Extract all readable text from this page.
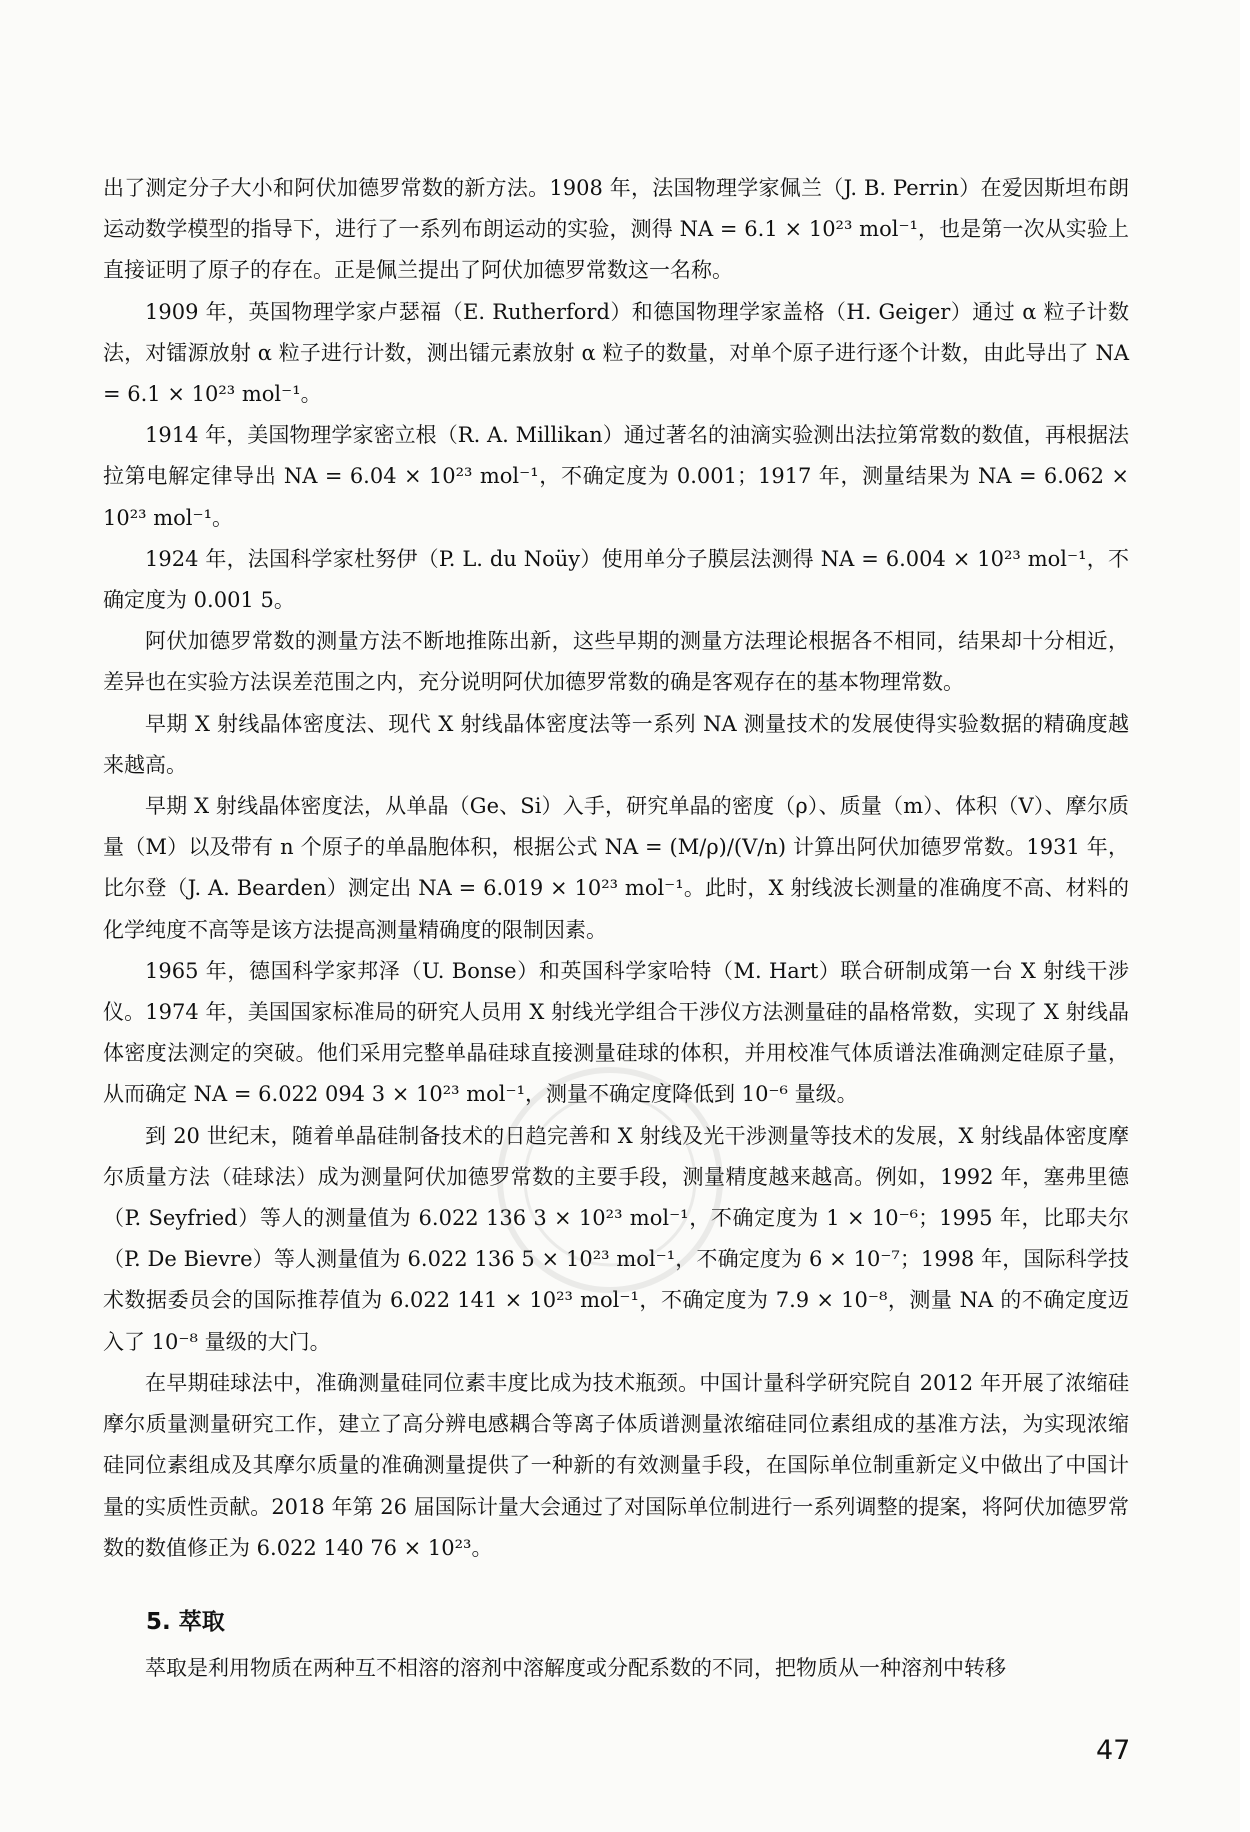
出了测定分子大小和阿伏加德罗常数的新方法。1908 年，法国物理学家佩兰（J. B. Perrin）在爱因斯坦布朗运动数学模型的指导下，进行了一系列布朗运动的实验，测得 NA = 6.1 × 10²³ mol⁻¹，也是第一次从实验上直接证明了原子的存在。正是佩兰提出了阿伏加德罗常数这一名称。

1909 年，英国物理学家卢瑟福（E. Rutherford）和德国物理学家盖格（H. Geiger）通过 α 粒子计数法，对镭源放射 α 粒子进行计数，测出镭元素放射 α 粒子的数量，对单个原子进行逐个计数，由此导出了 NA = 6.1 × 10²³ mol⁻¹。

1914 年，美国物理学家密立根（R. A. Millikan）通过著名的油滴实验测出法拉第常数的数值，再根据法拉第电解定律导出 NA = 6.04 × 10²³ mol⁻¹，不确定度为 0.001；1917 年，测量结果为 NA = 6.062 × 10²³ mol⁻¹。

1924 年，法国科学家杜努伊（P. L. du Noüy）使用单分子膜层法测得 NA = 6.004 × 10²³ mol⁻¹，不确定度为 0.001 5。

阿伏加德罗常数的测量方法不断地推陈出新，这些早期的测量方法理论根据各不相同，结果却十分相近，差异也在实验方法误差范围之内，充分说明阿伏加德罗常数的确是客观存在的基本物理常数。

早期 X 射线晶体密度法、现代 X 射线晶体密度法等一系列 NA 测量技术的发展使得实验数据的精确度越来越高。

早期 X 射线晶体密度法，从单晶（Ge、Si）入手，研究单晶的密度（ρ）、质量（m）、体积（V）、摩尔质量（M）以及带有 n 个原子的单晶胞体积，根据公式 NA = (M/ρ)/(V/n) 计算出阿伏加德罗常数。1931 年，比尔登（J. A. Bearden）测定出 NA = 6.019 × 10²³ mol⁻¹。此时，X 射线波长测量的准确度不高、材料的化学纯度不高等是该方法提高测量精确度的限制因素。

1965 年，德国科学家邦泽（U. Bonse）和英国科学家哈特（M. Hart）联合研制成第一台 X 射线干涉仪。1974 年，美国国家标准局的研究人员用 X 射线光学组合干涉仪方法测量硅的晶格常数，实现了 X 射线晶体密度法测定的突破。他们采用完整单晶硅球直接测量硅球的体积，并用校准气体质谱法准确测定硅原子量，从而确定 NA = 6.022 094 3 × 10²³ mol⁻¹，测量不确定度降低到 10⁻⁶ 量级。

到 20 世纪末，随着单晶硅制备技术的日趋完善和 X 射线及光干涉测量等技术的发展，X 射线晶体密度摩尔质量方法（硅球法）成为测量阿伏加德罗常数的主要手段，测量精度越来越高。例如，1992 年，塞弗里德（P. Seyfried）等人的测量值为 6.022 136 3 × 10²³ mol⁻¹，不确定度为 1 × 10⁻⁶；1995 年，比耶夫尔（P. De Bievre）等人测量值为 6.022 136 5 × 10²³ mol⁻¹，不确定度为 6 × 10⁻⁷；1998 年，国际科学技术数据委员会的国际推荐值为 6.022 141 × 10²³ mol⁻¹，不确定度为 7.9 × 10⁻⁸，测量 NA 的不确定度迈入了 10⁻⁸ 量级的大门。

在早期硅球法中，准确测量硅同位素丰度比成为技术瓶颈。中国计量科学研究院自 2012 年开展了浓缩硅摩尔质量测量研究工作，建立了高分辨电感耦合等离子体质谱测量浓缩硅同位素组成的基准方法，为实现浓缩硅同位素组成及其摩尔质量的准确测量提供了一种新的有效测量手段，在国际单位制重新定义中做出了中国计量的实质性贡献。2018 年第 26 届国际计量大会通过了对国际单位制进行一系列调整的提案，将阿伏加德罗常数的数值修正为 6.022 140 76 × 10²³。

5. 萃取
萃取是利用物质在两种互不相溶的溶剂中溶解度或分配系数的不同，把物质从一种溶剂中转移
47
